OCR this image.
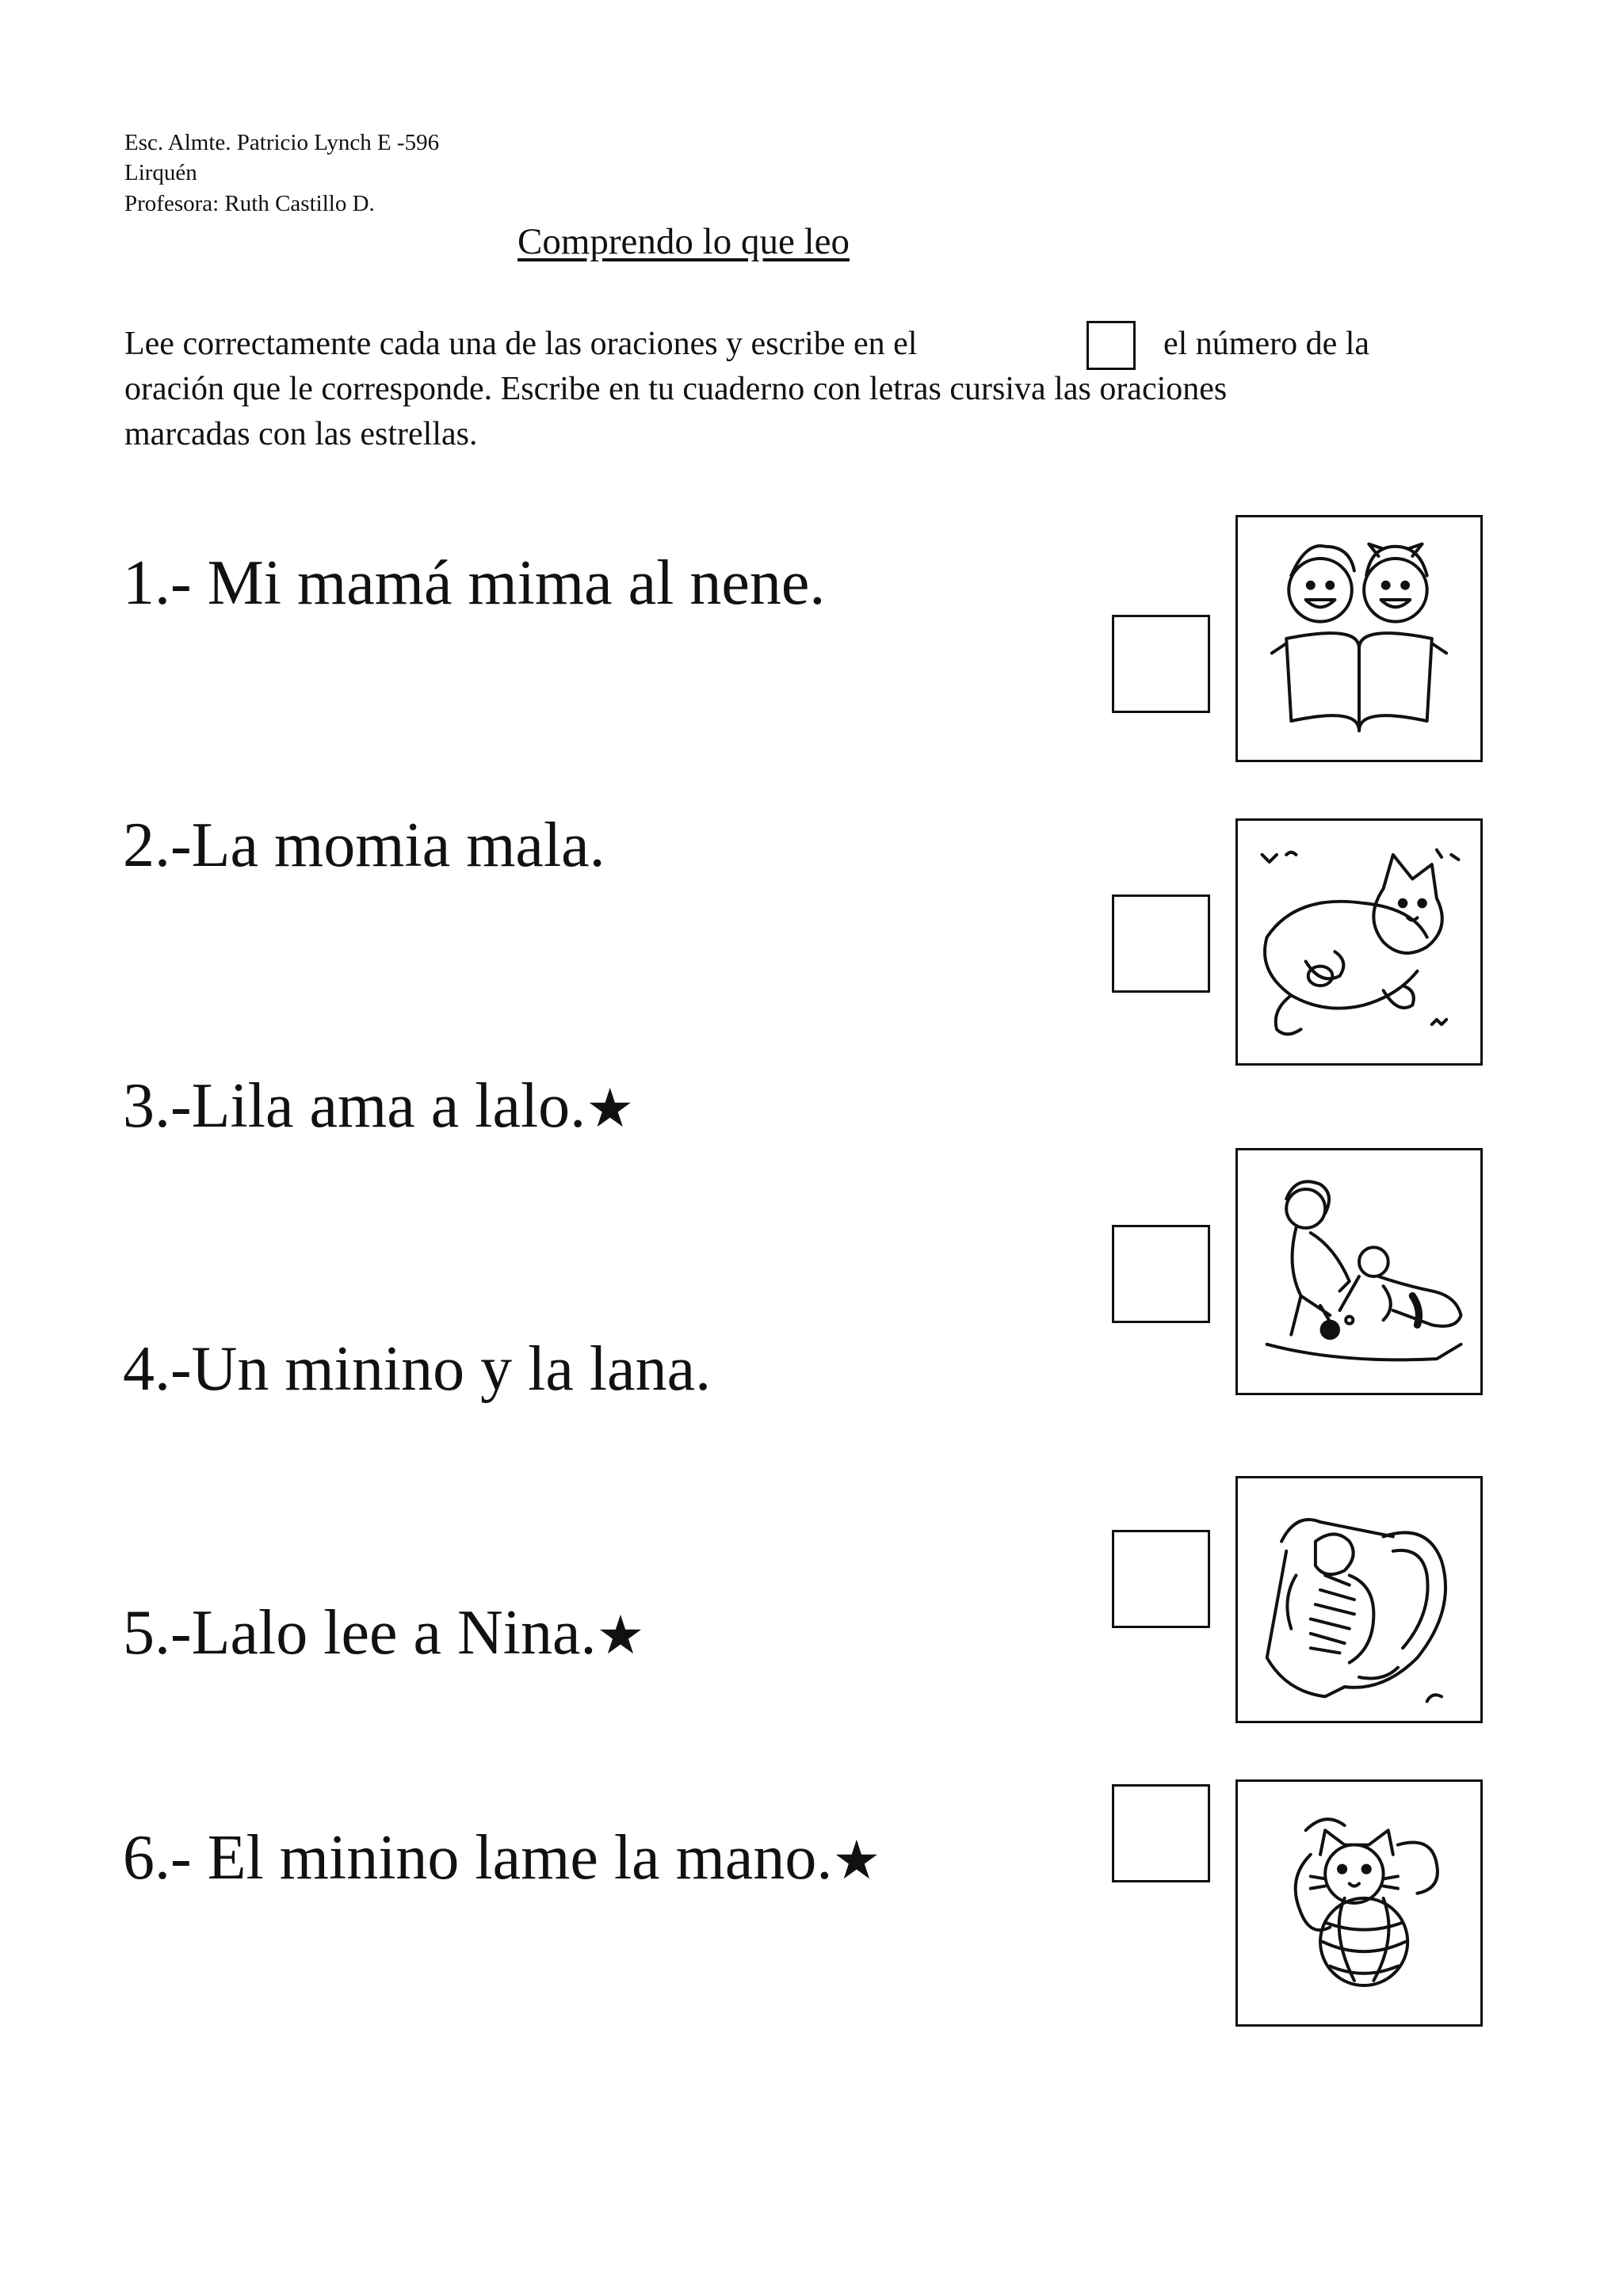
Esc. Almte. Patricio Lynch E -596
Lirquén
Profesora: Ruth Castillo D.
Comprendo lo que leo
Lee correctamente cada una de las oraciones y escribe en el	el número de la
oración que le corresponde. Escribe en tu cuaderno con letras cursiva las oraciones
marcadas con las estrellas.
1.- Mi mamá mima al nene.
2.-La momia mala.
3.-Lila ama a lalo.★
4.-Un minino y la lana.
5.-Lalo lee a Nina.★
6.- El minino lame la mano.★
